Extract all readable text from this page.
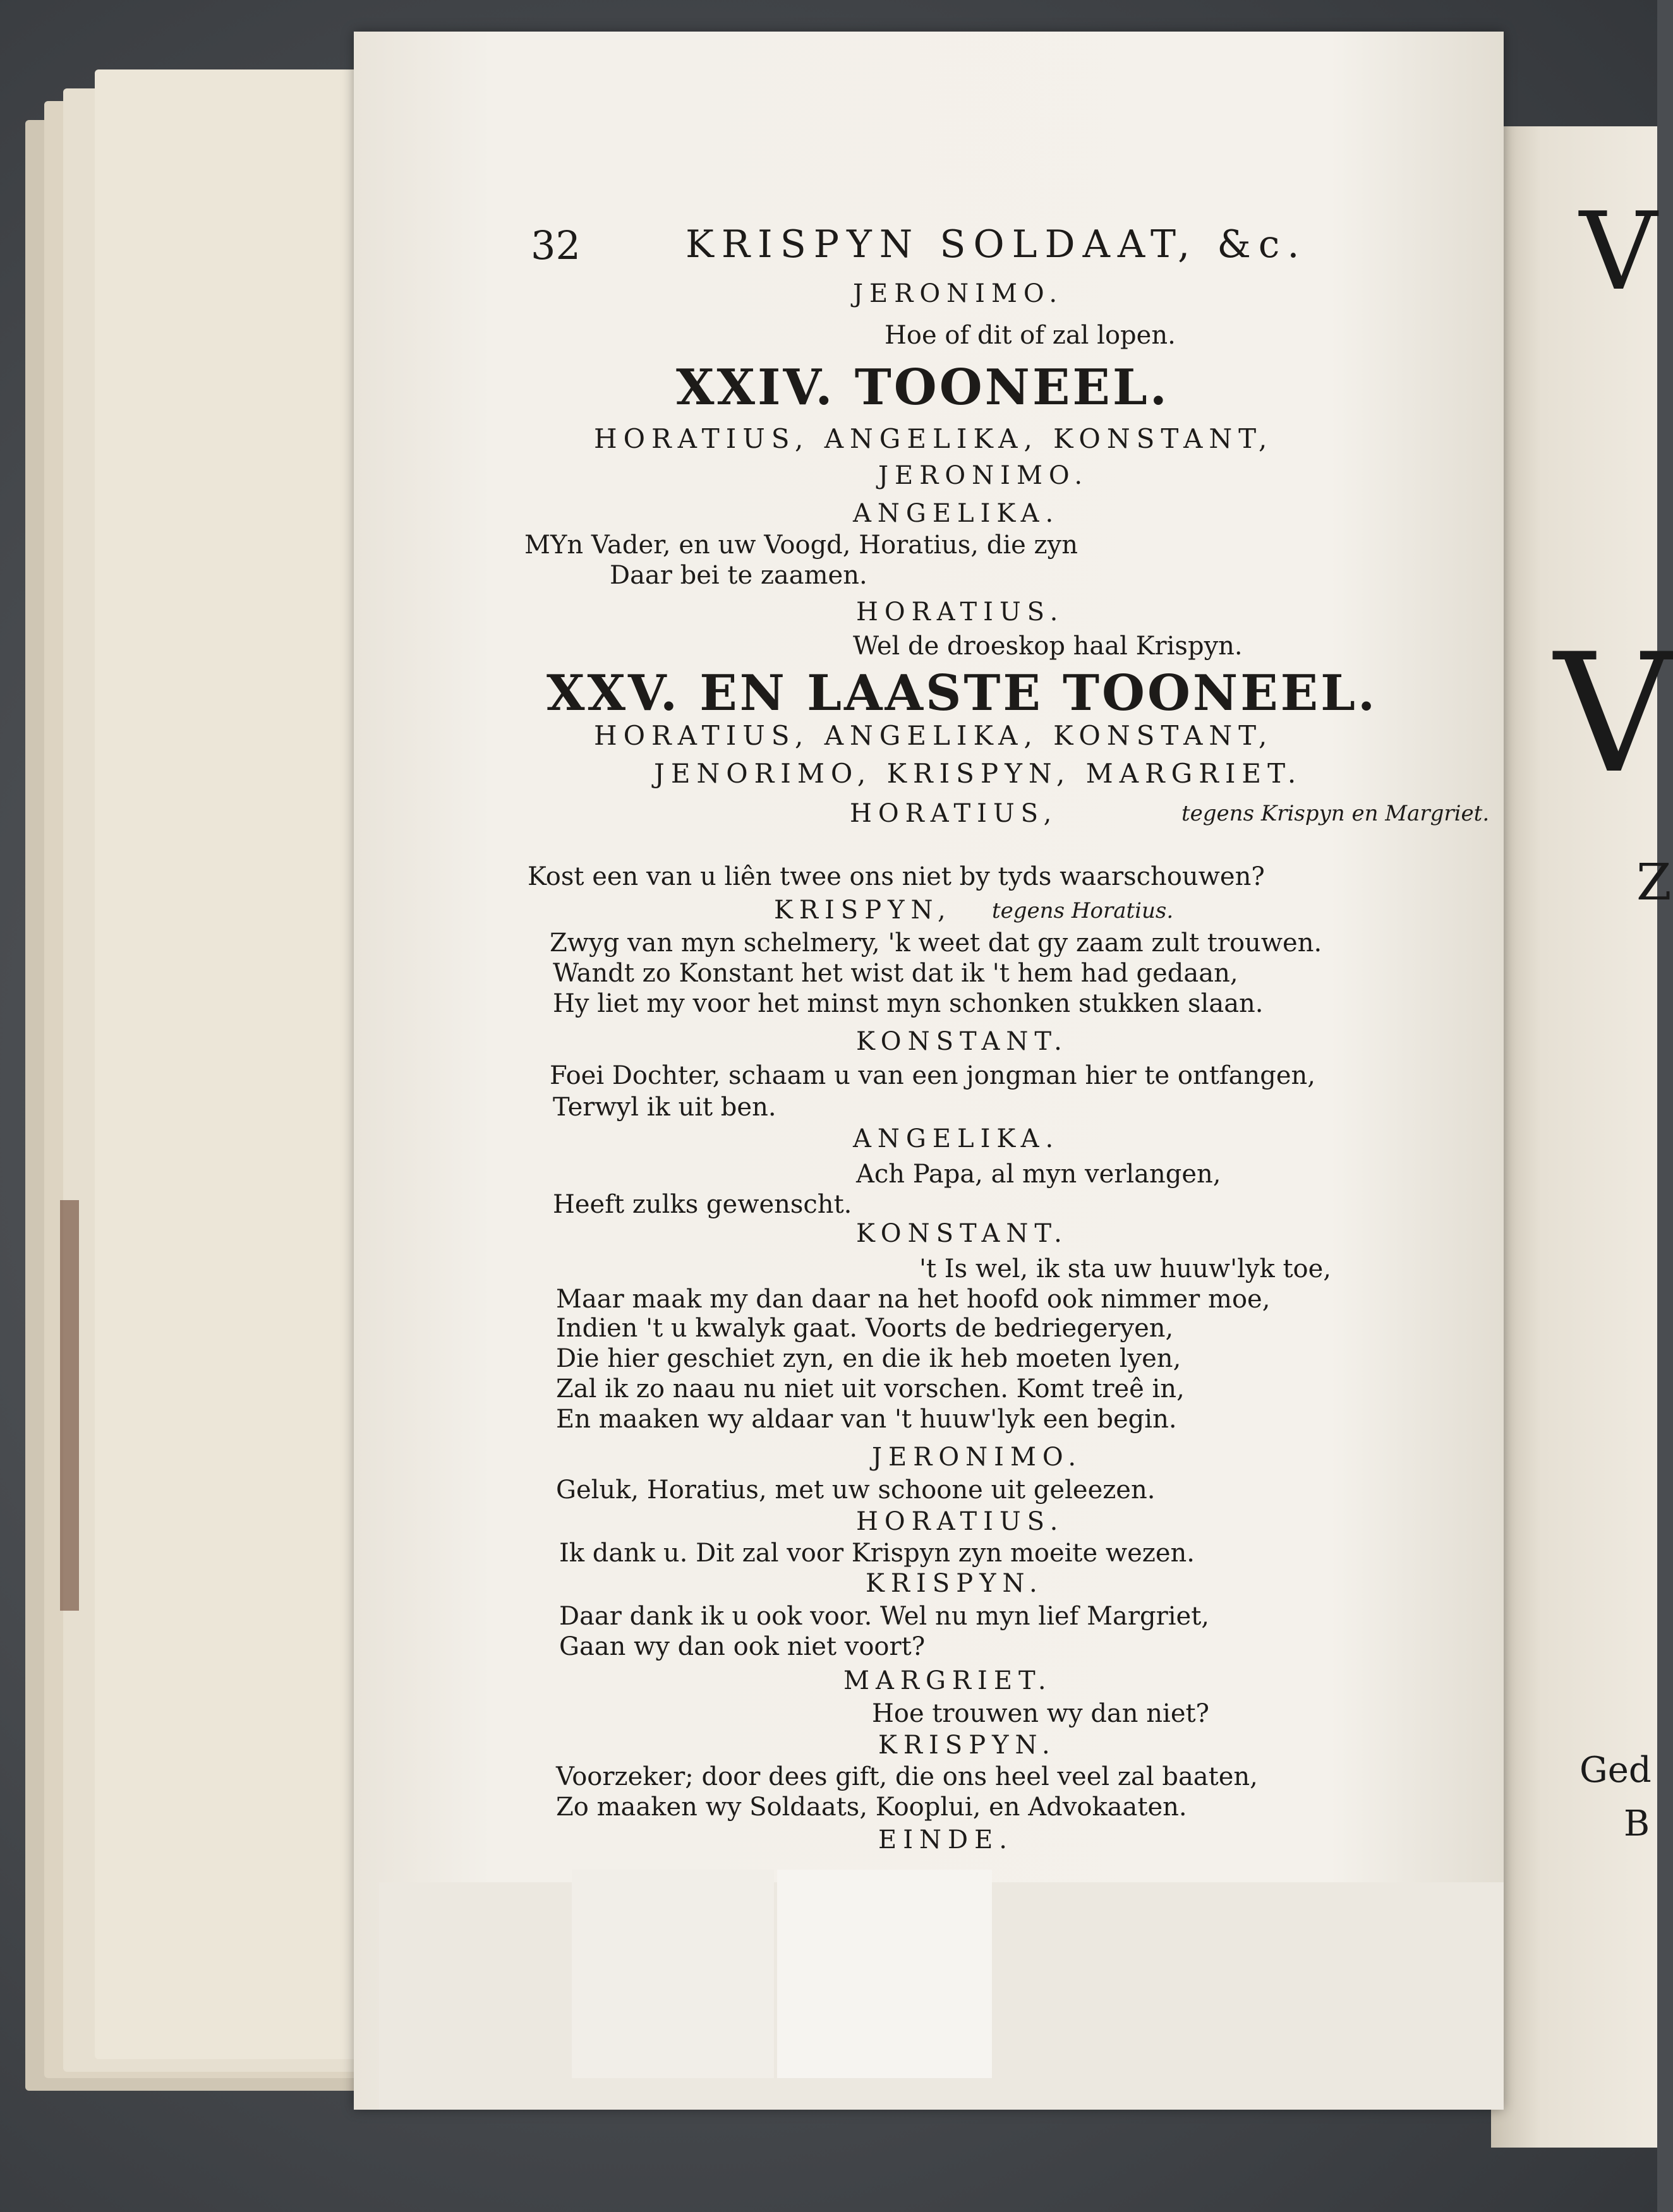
V
V
Z
Ged
B
32	KRISPYN SOLDAAT, &c.
JERONIMO.
Hoe of dit of zal lopen.
XXIV. TOONEEL.
HORATIUS, ANGELIKA, KONSTANT,
JERONIMO.
ANGELIKA.
MYn Vader, en uw Voogd, Horatius, die zyn
Daar bei te zaamen.
HORATIUS.
Wel de droeskop haal Krispyn.
XXV. EN LAASTE TOONEEL.
HORATIUS, ANGELIKA, KONSTANT,
JENORIMO, KRISPYN, MARGRIET.
HORATIUS,	tegens Krispyn en Margriet.
Kost een van u liên twee ons niet by tyds waarschouwen?
KRISPYN, tegens Horatius.
Zwyg van myn schelmery, 'k weet dat gy zaam zult trouwen.
Wandt zo Konstant het wist dat ik 't hem had gedaan,
Hy liet my voor het minst myn schonken stukken slaan.
KONSTANT.
Foei Dochter, schaam u van een jongman hier te ontfangen,
Terwyl ik uit ben.
ANGELIKA.
Ach Papa, al myn verlangen,
Heeft zulks gewenscht.
KONSTANT.
't Is wel, ik sta uw huuw'lyk toe,
Maar maak my dan daar na het hoofd ook nimmer moe,
Indien 't u kwalyk gaat. Voorts de bedriegeryen,
Die hier geschiet zyn, en die ik heb moeten lyen,
Zal ik zo naau nu niet uit vorschen. Komt treê in,
En maaken wy aldaar van 't huuw'lyk een begin.
JERONIMO.
Geluk, Horatius, met uw schoone uit geleezen.
HORATIUS.
Ik dank u. Dit zal voor Krispyn zyn moeite wezen.
KRISPYN.
Daar dank ik u ook voor. Wel nu myn lief Margriet,
Gaan wy dan ook niet voort?
MARGRIET.
Hoe trouwen wy dan niet?
KRISPYN.
Voorzeker; door dees gift, die ons heel veel zal baaten,
Zo maaken wy Soldaats, Kooplui, en Advokaaten.
EINDE.
